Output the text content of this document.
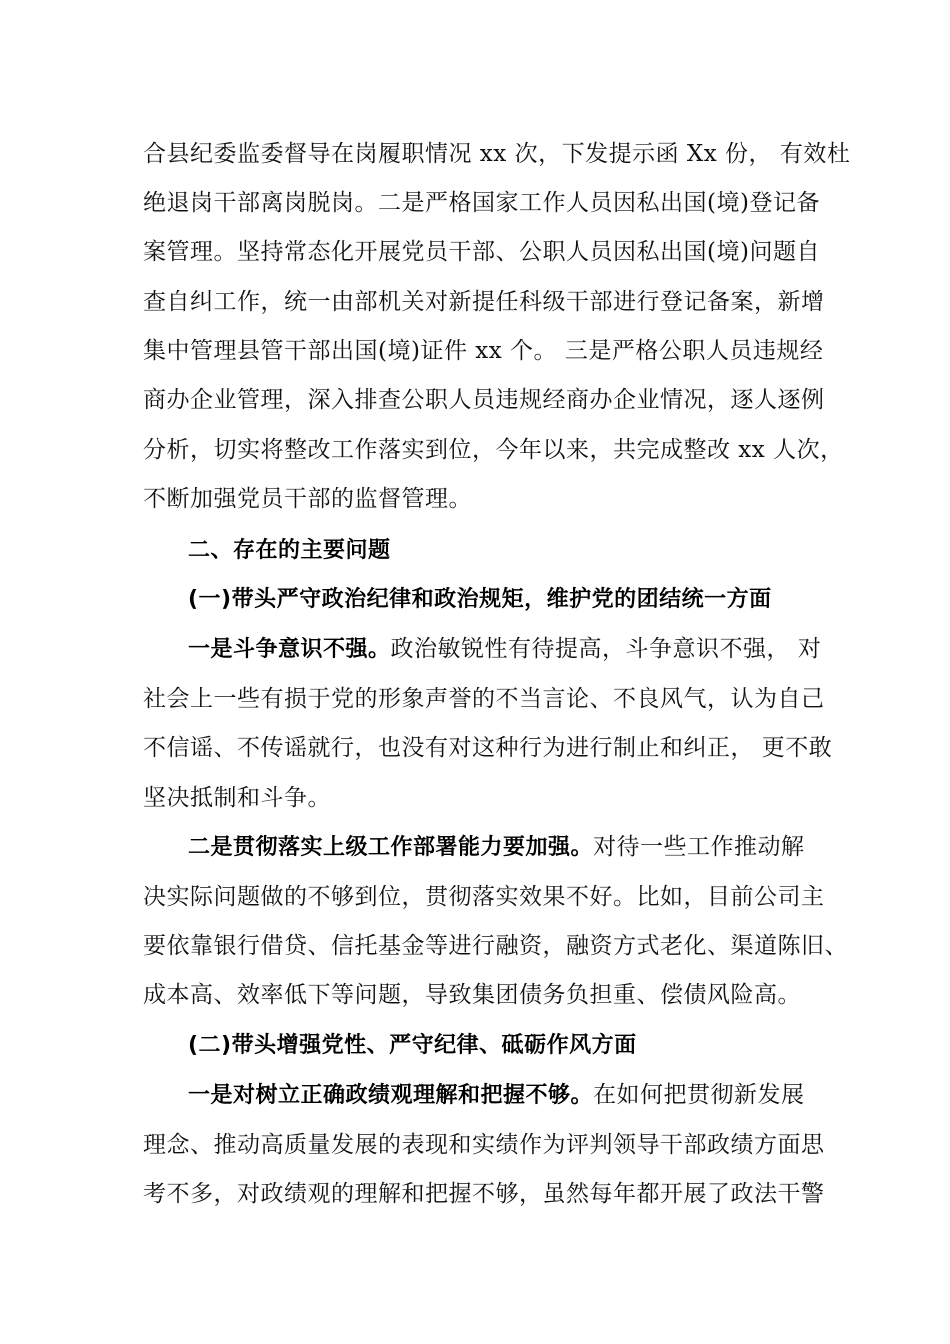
合县纪委监委督导在岗履职情况 xx 次，下发提示函 Xx 份， 有效杜
绝退岗干部离岗脱岗。二是严格国家工作人员因私出国(境)登记备
案管理。坚持常态化开展党员干部、公职人员因私出国(境)问题自
查自纠工作，统一由部机关对新提任科级干部进行登记备案，新增
集中管理县管干部出国(境)证件 xx 个。 三是严格公职人员违规经
商办企业管理，深入排查公职人员违规经商办企业情况，逐人逐例
分析，切实将整改工作落实到位，今年以来，共完成整改 xx 人次，
不断加强党员干部的监督管理。
二、存在的主要问题
(一)带头严守政治纪律和政治规矩，维护党的团结统一方面
一是斗争意识不强。政治敏锐性有待提高，斗争意识不强， 对
社会上一些有损于党的形象声誉的不当言论、不良风气，认为自己
不信谣、不传谣就行，也没有对这种行为进行制止和纠正， 更不敢
坚决抵制和斗争。
二是贯彻落实上级工作部署能力要加强。对待一些工作推动解
决实际问题做的不够到位，贯彻落实效果不好。比如，目前公司主
要依靠银行借贷、信托基金等进行融资，融资方式老化、渠道陈旧、
成本高、效率低下等问题，导致集团债务负担重、偿债风险高。
(二)带头增强党性、严守纪律、砥砺作风方面
一是对树立正确政绩观理解和把握不够。在如何把贯彻新发展
理念、推动高质量发展的表现和实绩作为评判领导干部政绩方面思
考不多，对政绩观的理解和把握不够，虽然每年都开展了政法干警
